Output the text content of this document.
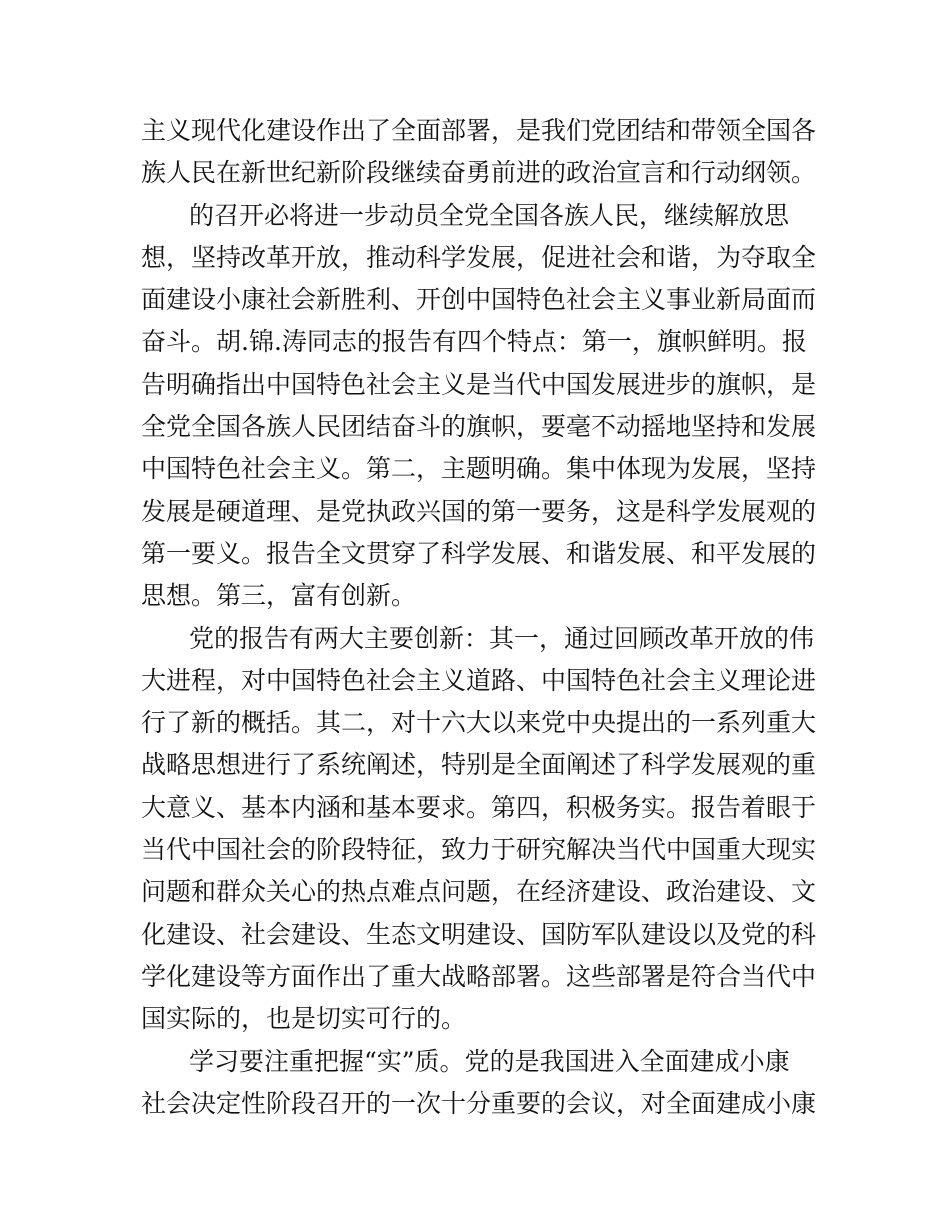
主义现代化建设作出了全面部署，是我们党团结和带领全国各
族人民在新世纪新阶段继续奋勇前进的政治宣言和行动纲领。
的召开必将进一步动员全党全国各族人民，继续解放思
想，坚持改革开放，推动科学发展，促进社会和谐，为夺取全
面建设小康社会新胜利、开创中国特色社会主义事业新局面而
奋斗。胡.锦.涛同志的报告有四个特点：第一，旗帜鲜明。报
告明确指出中国特色社会主义是当代中国发展进步的旗帜，是
全党全国各族人民团结奋斗的旗帜，要毫不动摇地坚持和发展
中国特色社会主义。第二，主题明确。集中体现为发展，坚持
发展是硬道理、是党执政兴国的第一要务，这是科学发展观的
第一要义。报告全文贯穿了科学发展、和谐发展、和平发展的
思想。第三，富有创新。
党的报告有两大主要创新：其一，通过回顾改革开放的伟
大进程，对中国特色社会主义道路、中国特色社会主义理论进
行了新的概括。其二，对十六大以来党中央提出的一系列重大
战略思想进行了系统阐述，特别是全面阐述了科学发展观的重
大意义、基本内涵和基本要求。第四，积极务实。报告着眼于
当代中国社会的阶段特征，致力于研究解决当代中国重大现实
问题和群众关心的热点难点问题，在经济建设、政治建设、文
化建设、社会建设、生态文明建设、国防军队建设以及党的科
学化建设等方面作出了重大战略部署。这些部署是符合当代中
国实际的，也是切实可行的。
学习要注重把握“实”质。党的是我国进入全面建成小康
社会决定性阶段召开的一次十分重要的会议，对全面建成小康
